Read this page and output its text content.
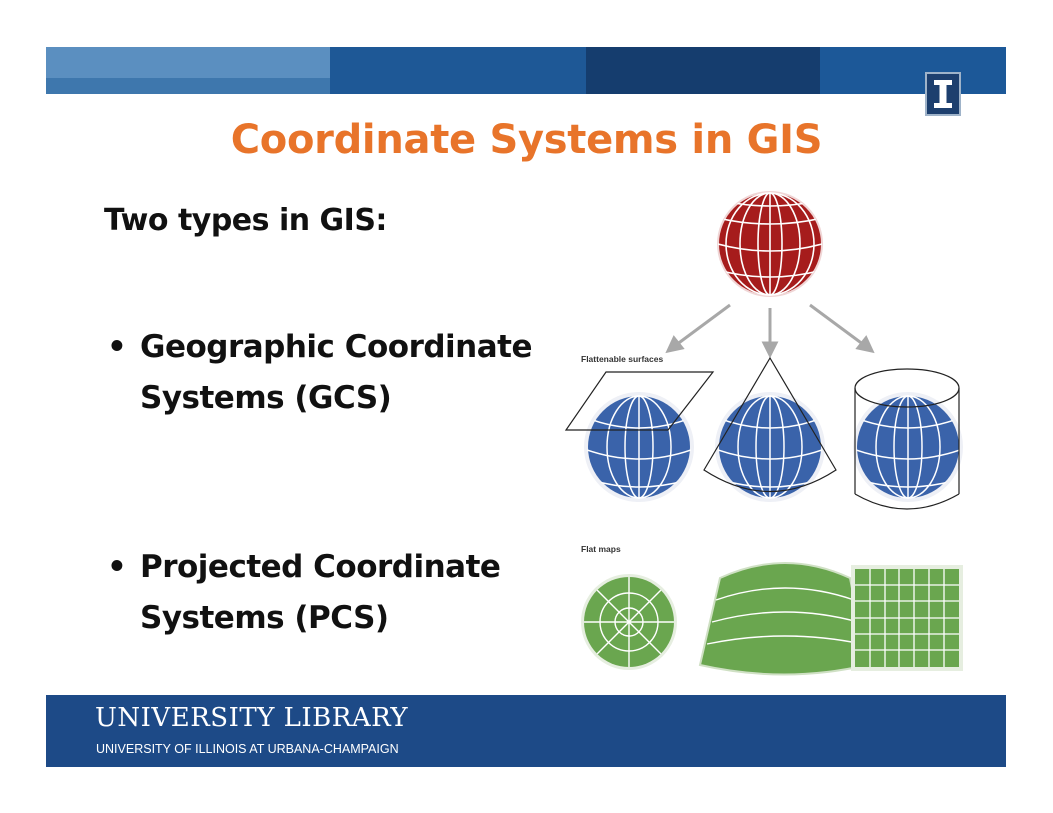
Coordinate Systems in GIS

Two types in GIS:

• Geographic Coordinate
Systems (GCS)
• Projected Coordinate
Systems (PCS)
Flattenable surfaces
Flat maps
UNIVERSITY LIBRARY
UNIVERSITY OF ILLINOIS AT URBANA-CHAMPAIGN
